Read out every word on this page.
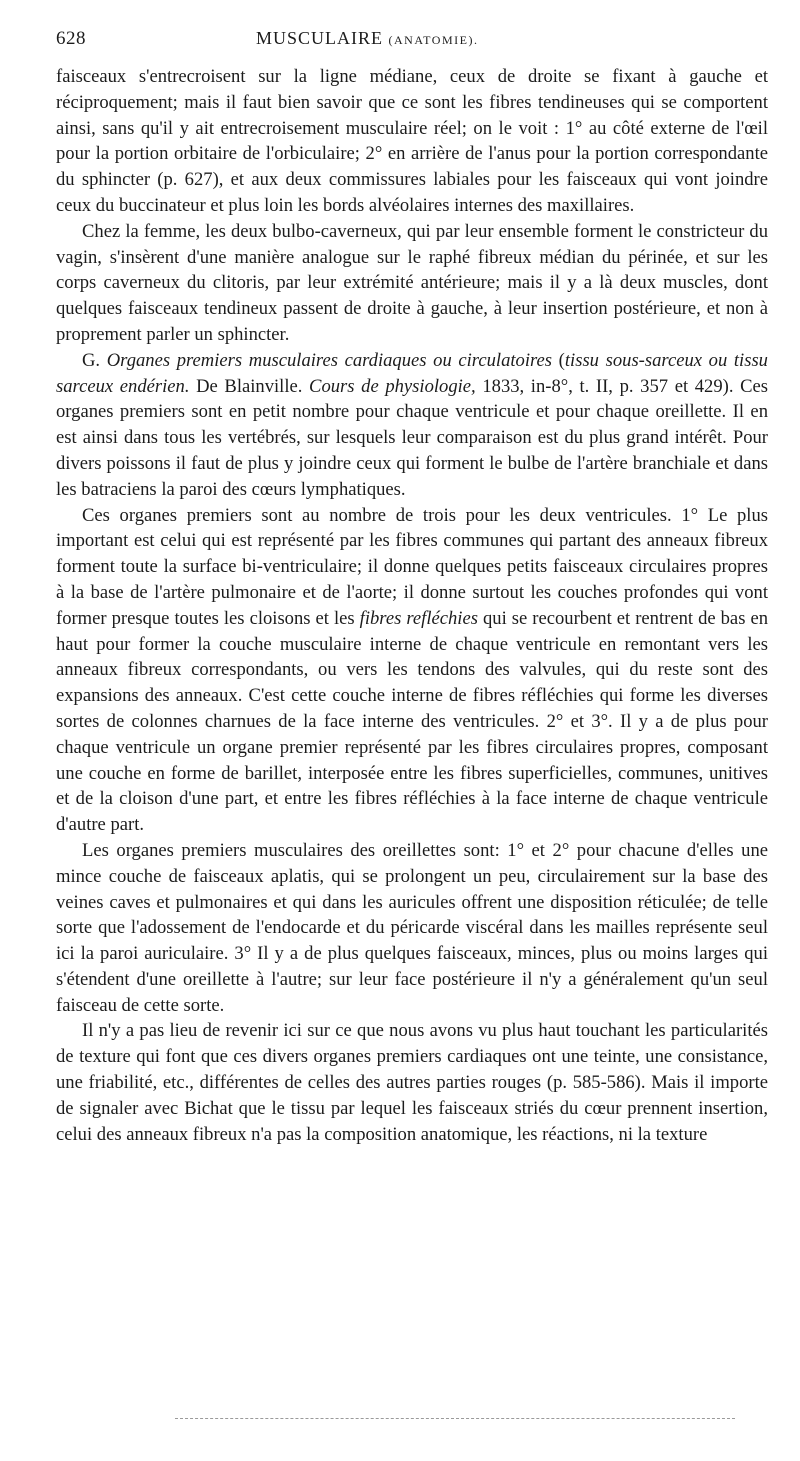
628	MUSCULAIRE (ANATOMIE).

faisceaux s'entrecroisent sur la ligne médiane, ceux de droite se fixant à gauche et réciproquement; mais il faut bien savoir que ce sont les fibres tendineuses qui se comportent ainsi, sans qu'il y ait entrecroisement musculaire réel; on le voit : 1° au côté externe de l'œil pour la portion orbitaire de l'orbiculaire; 2° en arrière de l'anus pour la portion correspondante du sphincter (p. 627), et aux deux commissures labiales pour les faisceaux qui vont joindre ceux du buccinateur et plus loin les bords alvéolaires internes des maxillaires.

Chez la femme, les deux bulbo-caverneux, qui par leur ensemble forment le constricteur du vagin, s'insèrent d'une manière analogue sur le raphé fibreux médian du périnée, et sur les corps caverneux du clitoris, par leur extrémité antérieure; mais il y a là deux muscles, dont quelques faisceaux tendineux passent de droite à gauche, à leur insertion postérieure, et non à proprement parler un sphincter.

G. Organes premiers musculaires cardiaques ou circulatoires (tissu sous-sarceux ou tissu sarceux endérien. De Blainville. Cours de physiologie, 1833, in-8°, t. II, p. 357 et 429). Ces organes premiers sont en petit nombre pour chaque ventricule et pour chaque oreillette. Il en est ainsi dans tous les vertébrés, sur lesquels leur comparaison est du plus grand intérêt. Pour divers poissons il faut de plus y joindre ceux qui forment le bulbe de l'artère branchiale et dans les batraciens la paroi des cœurs lymphatiques.

Ces organes premiers sont au nombre de trois pour les deux ventricules. 1° Le plus important est celui qui est représenté par les fibres communes qui partant des anneaux fibreux forment toute la surface bi-ventriculaire; il donne quelques petits faisceaux circulaires propres à la base de l'artère pulmonaire et de l'aorte; il donne surtout les couches profondes qui vont former presque toutes les cloisons et les fibres refléchies qui se recourbent et rentrent de bas en haut pour former la couche musculaire interne de chaque ventricule en remontant vers les anneaux fibreux correspondants, ou vers les tendons des valvules, qui du reste sont des expansions des anneaux. C'est cette couche interne de fibres réfléchies qui forme les diverses sortes de colonnes charnues de la face interne des ventricules. 2° et 3°. Il y a de plus pour chaque ventricule un organe premier représenté par les fibres circulaires propres, composant une couche en forme de barillet, interposée entre les fibres superficielles, communes, unitives et de la cloison d'une part, et entre les fibres réfléchies à la face interne de chaque ventricule d'autre part.

Les organes premiers musculaires des oreillettes sont: 1° et 2° pour chacune d'elles une mince couche de faisceaux aplatis, qui se prolongent un peu, circulairement sur la base des veines caves et pulmonaires et qui dans les auricules offrent une disposition réticulée; de telle sorte que l'adossement de l'endocarde et du péricarde viscéral dans les mailles représente seul ici la paroi auriculaire. 3° Il y a de plus quelques faisceaux, minces, plus ou moins larges qui s'étendent d'une oreillette à l'autre; sur leur face postérieure il n'y a généralement qu'un seul faisceau de cette sorte.

Il n'y a pas lieu de revenir ici sur ce que nous avons vu plus haut touchant les particularités de texture qui font que ces divers organes premiers cardiaques ont une teinte, une consistance, une friabilité, etc., différentes de celles des autres parties rouges (p. 585-586). Mais il importe de signaler avec Bichat que le tissu par lequel les faisceaux striés du cœur prennent insertion, celui des anneaux fibreux n'a pas la composition anatomique, les réactions, ni la texture
